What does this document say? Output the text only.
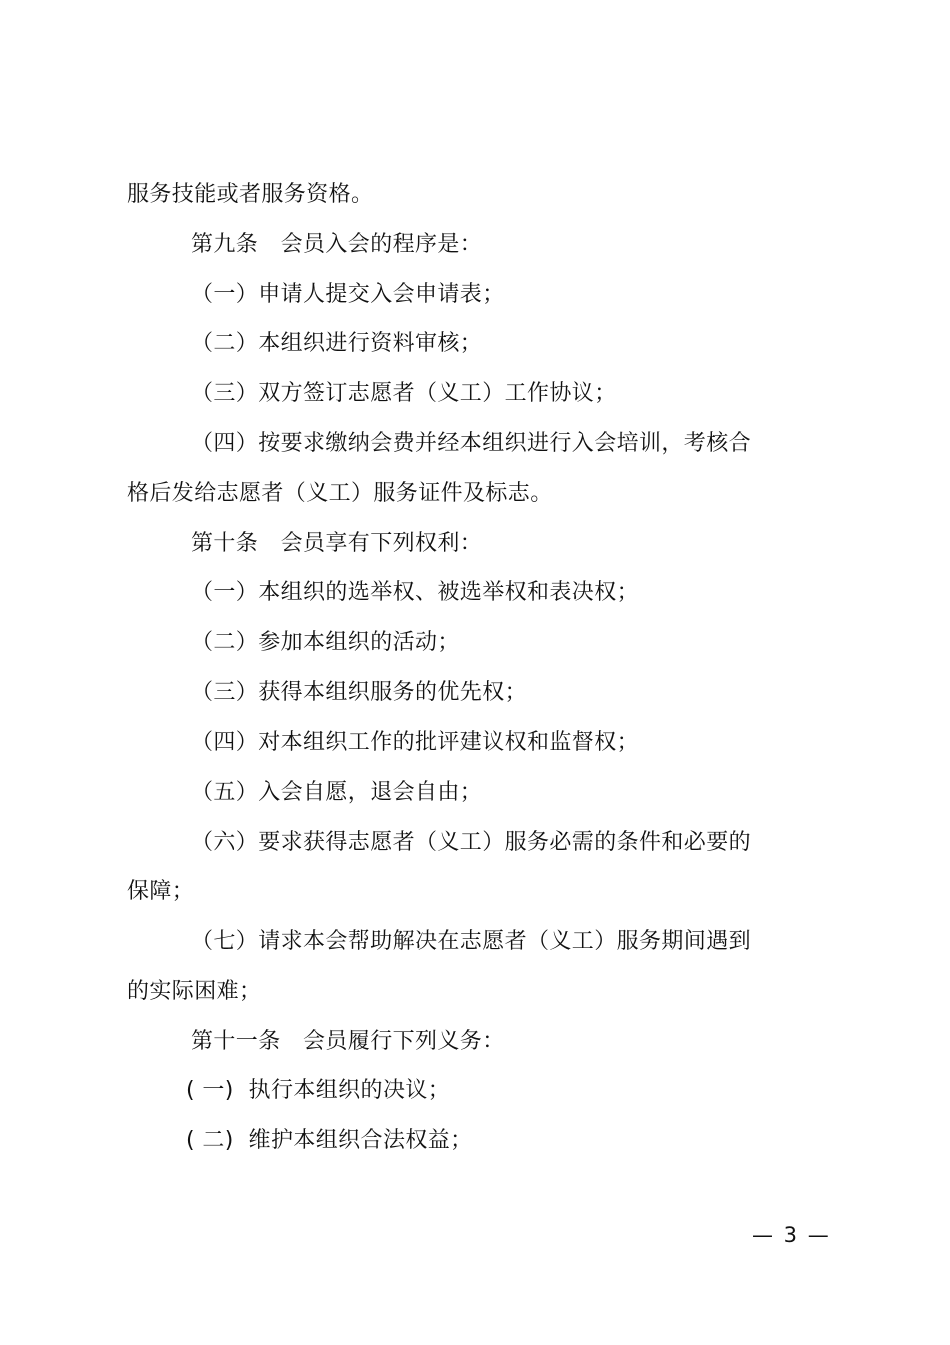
服务技能或者服务资格。
第九条　会员入会的程序是：
（一）申请人提交入会申请表；
（二）本组织进行资料审核；
（三）双方签订志愿者（义工）工作协议；
（四）按要求缴纳会费并经本组织进行入会培训，考核合
格后发给志愿者（义工）服务证件及标志。
第十条　会员享有下列权利：
（一）本组织的选举权、被选举权和表决权；
（二）参加本组织的活动；
（三）获得本组织服务的优先权；
（四）对本组织工作的批评建议权和监督权；
（五）入会自愿，退会自由；
（六）要求获得志愿者（义工）服务必需的条件和必要的
保障；
（七）请求本会帮助解决在志愿者（义工）服务期间遇到
的实际困难；
第十一条　会员履行下列义务：
( 一)  执行本组织的决议；
( 二)  维护本组织合法权益；
— 3 —
